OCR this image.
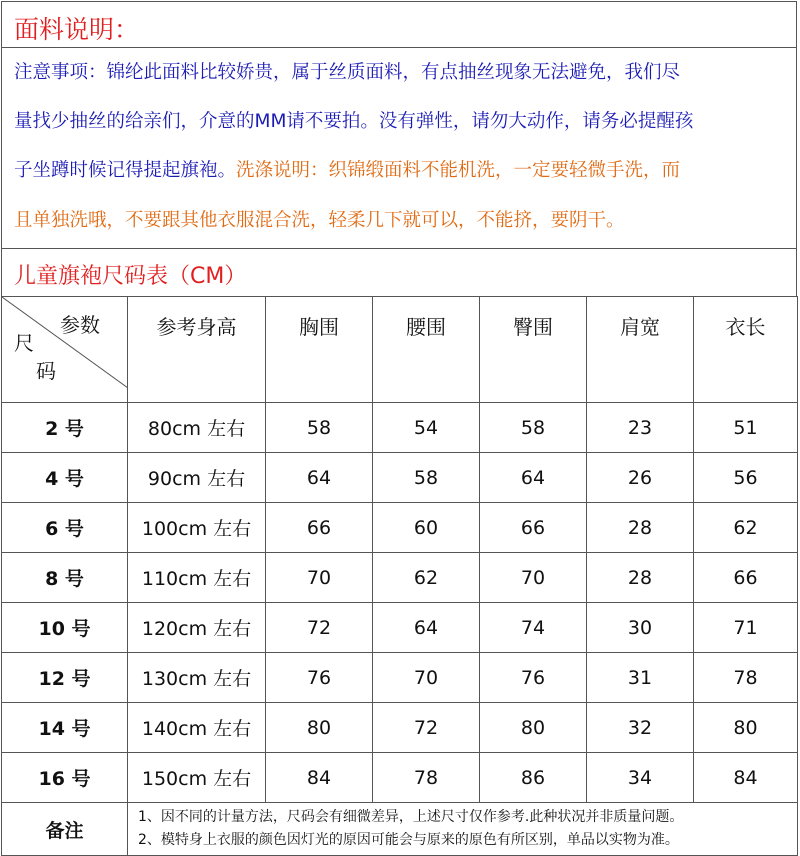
面料说明：

注意事项：锦纶此面料比较娇贵，属于丝质面料，有点抽丝现象无法避免，我们尽

量找少抽丝的给亲们，介意的MM请不要拍。没有弹性，请勿大动作，请务必提醒孩

子坐蹲时候记得提起旗袍。洗涤说明：织锦缎面料不能机洗，一定要轻微手洗，而

且单独洗哦，不要跟其他衣服混合洗，轻柔几下就可以，不能挤，要阴干。

儿童旗袍尺码表（CM）
参数
尺
码	参考身高	胸围	腰围	臀围	肩宽	衣长
2 号	80cm 左右	58	54	58	23	51
4 号	90cm 左右	64	58	64	26	56
6 号	100cm 左右	66	60	66	28	62
8 号	110cm 左右	70	62	70	28	66
10 号	120cm 左右	72	64	74	30	71
12 号	130cm 左右	76	70	76	31	78
14 号	140cm 左右	80	72	80	32	80
16 号	150cm 左右	84	78	86	34	84
备注	1、因不同的计量方法，尺码会有细微差异，上述尺寸仅作参考.此种状况并非质量问题。
2、模特身上衣服的颜色因灯光的原因可能会与原来的原色有所区别，单品以实物为准。					
